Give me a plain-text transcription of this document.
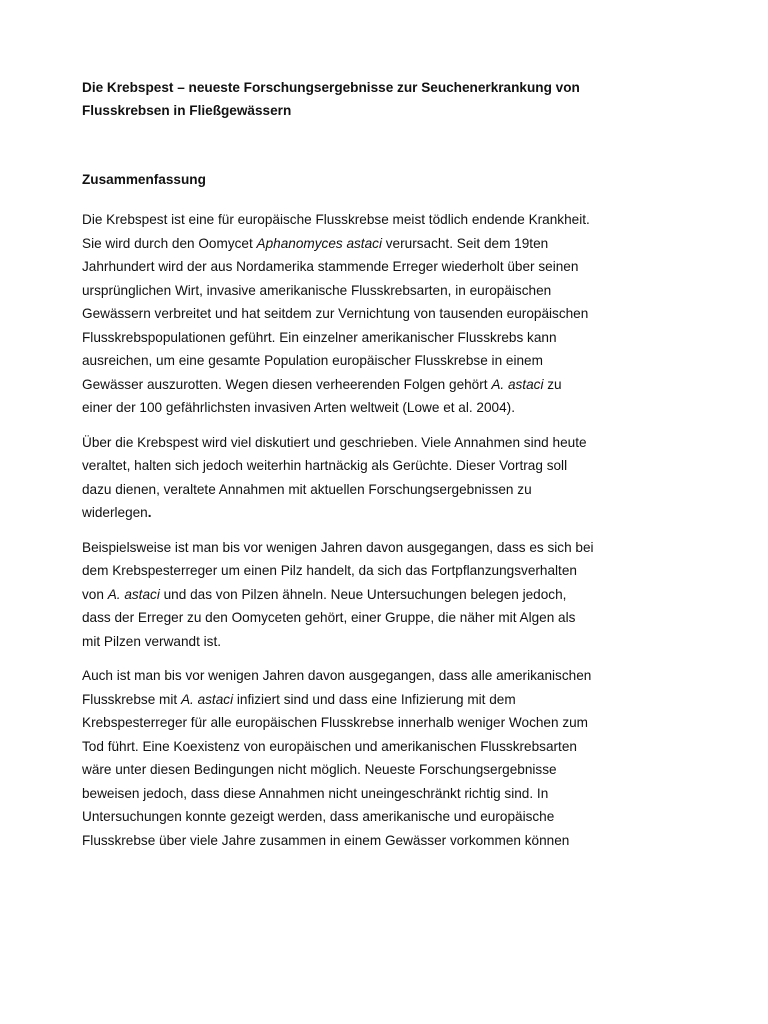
Die Krebspest – neueste Forschungsergebnisse zur Seuchenerkrankung von
Flusskrebsen in Fließgewässern
Zusammenfassung

Die Krebspest ist eine für europäische Flusskrebse meist tödlich endende Krankheit.
Sie wird durch den Oomycet Aphanomyces astaci verursacht. Seit dem 19ten
Jahrhundert wird der aus Nordamerika stammende Erreger wiederholt über seinen
ursprünglichen Wirt, invasive amerikanische Flusskrebsarten, in europäischen
Gewässern verbreitet und hat seitdem zur Vernichtung von tausenden europäischen
Flusskrebspopulationen geführt. Ein einzelner amerikanischer Flusskrebs kann
ausreichen, um eine gesamte Population europäischer Flusskrebse in einem
Gewässer auszurotten. Wegen diesen verheerenden Folgen gehört A. astaci zu
einer der 100 gefährlichsten invasiven Arten weltweit (Lowe et al. 2004).

Über die Krebspest wird viel diskutiert und geschrieben. Viele Annahmen sind heute
veraltet, halten sich jedoch weiterhin hartnäckig als Gerüchte. Dieser Vortrag soll
dazu dienen, veraltete Annahmen mit aktuellen Forschungsergebnissen zu
widerlegen.

Beispielsweise ist man bis vor wenigen Jahren davon ausgegangen, dass es sich bei
dem Krebspesterreger um einen Pilz handelt, da sich das Fortpflanzungsverhalten
von A. astaci und das von Pilzen ähneln. Neue Untersuchungen belegen jedoch,
dass der Erreger zu den Oomyceten gehört, einer Gruppe, die näher mit Algen als
mit Pilzen verwandt ist.

Auch ist man bis vor wenigen Jahren davon ausgegangen, dass alle amerikanischen
Flusskrebse mit A. astaci infiziert sind und dass eine Infizierung mit dem
Krebspesterreger für alle europäischen Flusskrebse innerhalb weniger Wochen zum
Tod führt. Eine Koexistenz von europäischen und amerikanischen Flusskrebsarten
wäre unter diesen Bedingungen nicht möglich. Neueste Forschungsergebnisse
beweisen jedoch, dass diese Annahmen nicht uneingeschränkt richtig sind. In
Untersuchungen konnte gezeigt werden, dass amerikanische und europäische
Flusskrebse über viele Jahre zusammen in einem Gewässer vorkommen können
